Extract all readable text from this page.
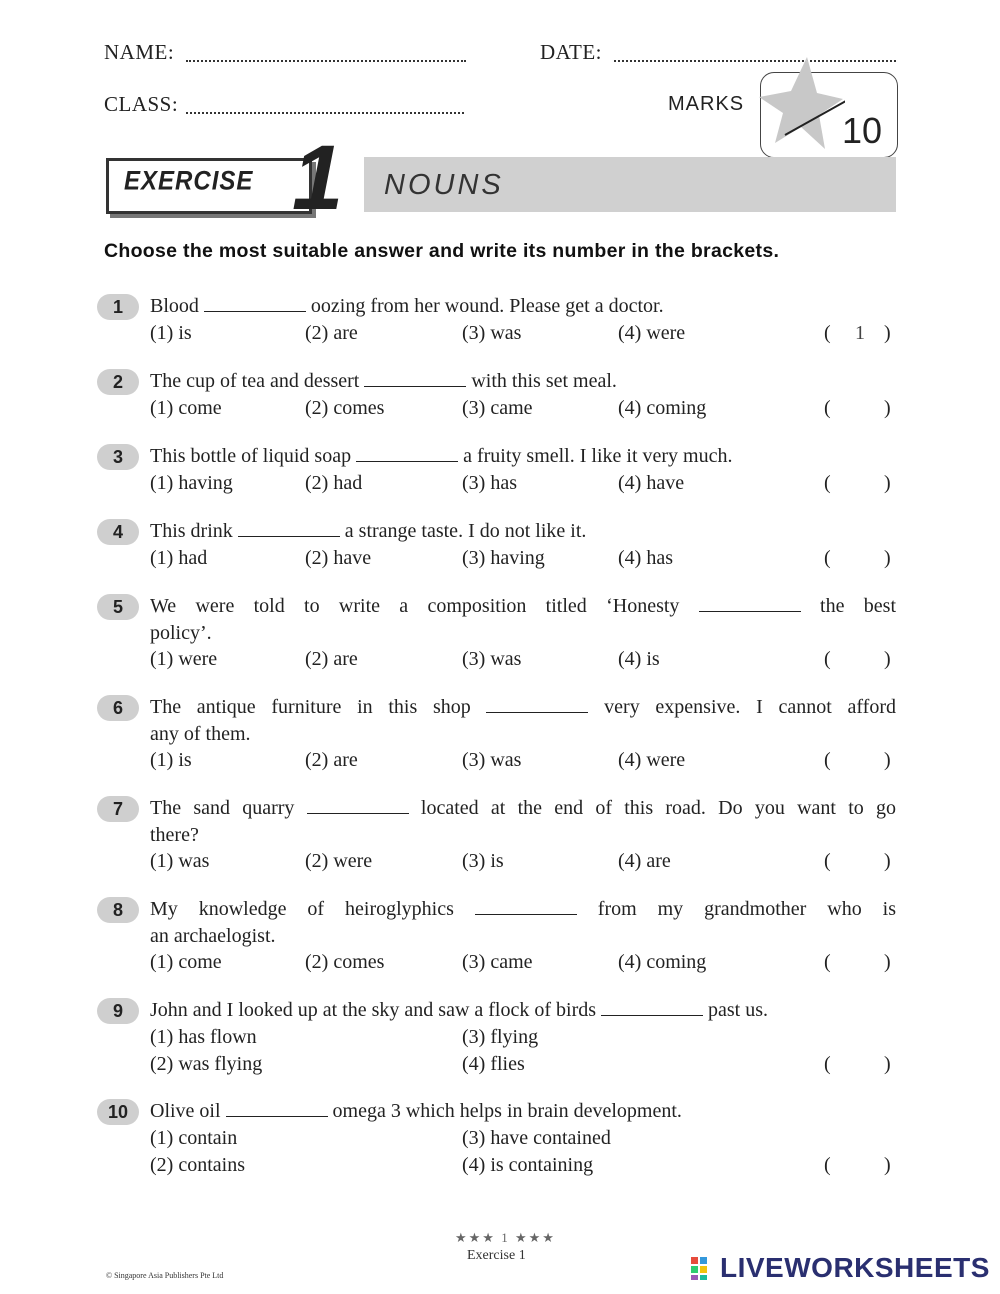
NAME:	DATE:
CLASS:	MARKS
10
EXERCISE 1 NOUNS
Choose the most suitable answer and write its number in the brackets.
1	Blood	oozing from her wound. Please get a doctor.
(1) is	(2) are	(3) was	(4) were	(	1 )
2	The cup of tea and dessert	with this set meal.
(1) come	(2) comes	(3) came	(4) coming	(	)
3	This bottle of liquid soap	a fruity smell. I like it very much.
(1) having	(2) had	(3) has	(4) have	(	)
4	This drink	a strange taste. I do not like it.
(1) had	(2) have	(3) having	(4) has	(	)
5	We were told to write a composition titled ‘Honesty	the best
policy’.
(1) were	(2) are	(3) was	(4) is	(	)
6	The antique furniture in this shop	very expensive. I cannot afford
any of them.
(1) is	(2) are	(3) was	(4) were	(	)
7	The sand quarry	located at the end of this road. Do you want to go
there?
(1) was	(2) were	(3) is	(4) are	(	)
8	My knowledge of heiroglyphics	from my grandmother who is
an archaelogist.
(1) come	(2) comes	(3) came	(4) coming	(	)
9	John and I looked up at the sky and saw a flock of birds	past us.
(1) has flown	(3) flying
(2) was flying	(4) flies	(	)
10	Olive oil	omega 3 which helps in brain development.
(1) contain	(3) have contained
(2) contains	(4) is containing	(	)
★★★ 1 ★★★
Exercise 1
© Singapore Asia Publishers Pte Ltd	LIVEWORKSHEETS
